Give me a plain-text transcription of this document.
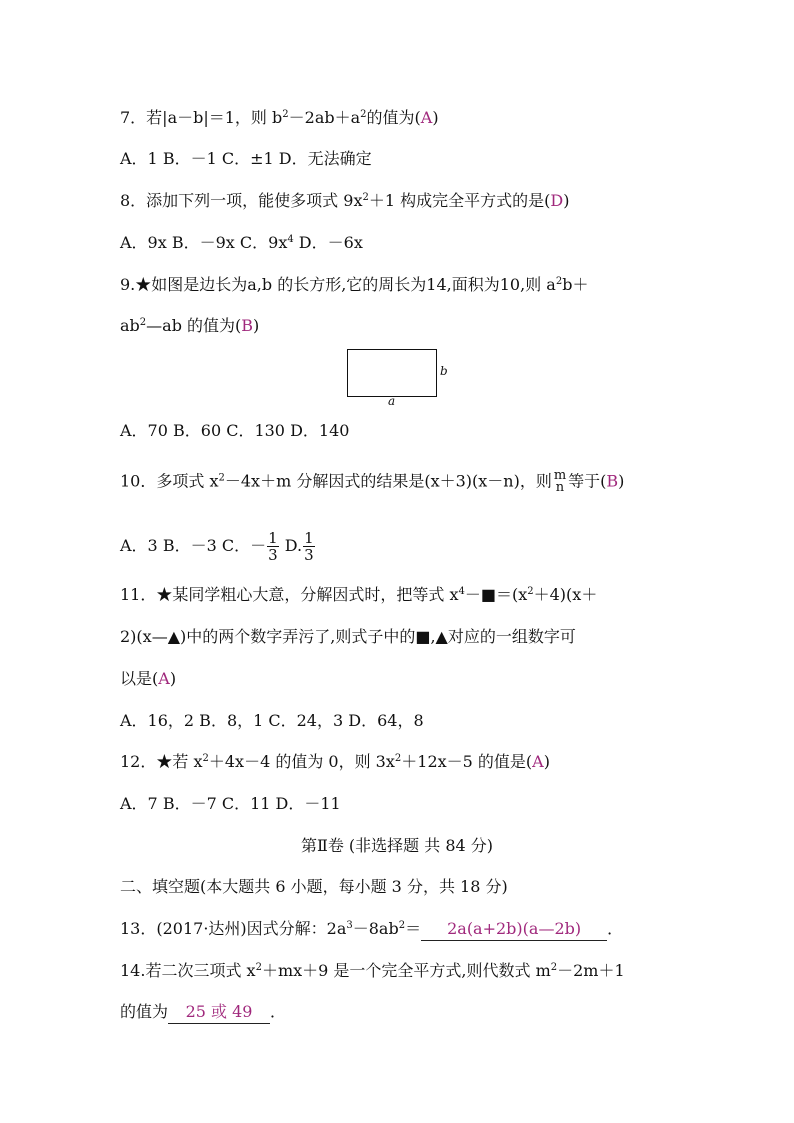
7．若|a－b|＝1，则 $b^2-2ab+a^2$的值为(A)
A．1 B．－1 C．±1 D．无法确定
8．添加下列一项，能使多项式 $9x^2+1$ 构成完全平方式的是(D)
A．9x B．－9x C．$9x^4$ D．－6x
9.★如图是边长为a,b 的长方形,它的周长为14,面积为10,则 $a^2b+$
$ab^2—ab$ 的值为(B)
b
a
A．70 B．60 C．130 D．140
10．多项式 $x^2-4x+m$ 分解因式的结果是(x＋3)(x－n)，则 m
n 等于(B)
A．3 B．－3 C．－ $\frac{1}{3} D$. $\frac{1}{3}$
11．★某同学粗心大意，分解因式时，把等式 $x^4-■=(x^2+4)(x+$
2)(x—▲)中的两个数字弄污了,则式子中的■,▲对应的一组数字可
以是(A)
A．16，2 B．8，1 C．24，3 D．64，8
12．★若 $x^2+4x-4$ 的值为 0，则 $3x^2+12x-5$ 的值是(A)
A．7 B．－7 C．11 D．－11
第Ⅱ卷 (非选择题 共 84 分)
二、填空题(本大题共 6 小题，每小题 3 分，共 18 分)
13．(2017·达州)因式分解：$2a^3-8ab^2=$ 2a(a+2b)(a—2b) ．
14.若二次三项式 $x^2+mx+9$ 是一个完全平方式,则代数式 $m^2-2m+1$
的值为 25 或 49 ．
